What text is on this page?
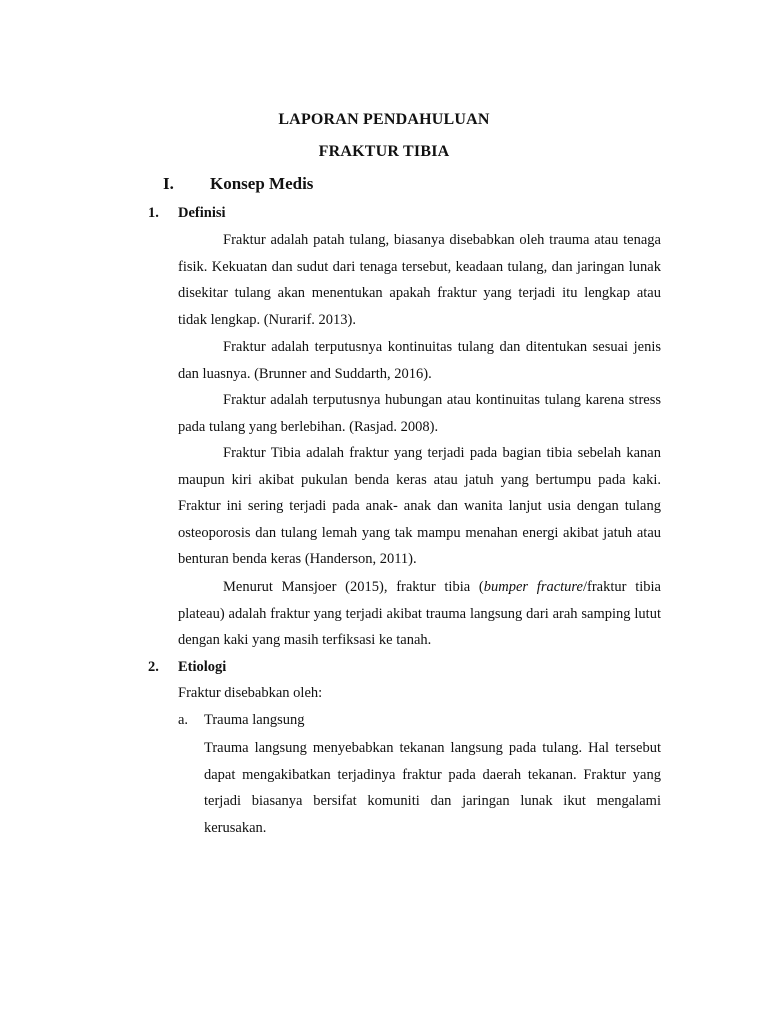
LAPORAN PENDAHULUAN
FRAKTUR TIBIA
I.	Konsep Medis
1. Definisi

Fraktur adalah patah tulang, biasanya disebabkan oleh trauma atau tenaga fisik. Kekuatan dan sudut dari tenaga tersebut, keadaan tulang, dan jaringan lunak disekitar tulang akan menentukan apakah fraktur yang terjadi itu lengkap atau tidak lengkap. (Nurarif. 2013).

Fraktur adalah terputusnya kontinuitas tulang dan ditentukan sesuai jenis dan luasnya. (Brunner and Suddarth, 2016).

Fraktur adalah terputusnya hubungan atau kontinuitas tulang karena stress pada tulang yang berlebihan. (Rasjad. 2008).

Fraktur Tibia adalah fraktur yang terjadi pada bagian tibia sebelah kanan maupun kiri akibat pukulan benda keras atau jatuh yang bertumpu pada kaki. Fraktur ini sering terjadi pada anak- anak dan wanita lanjut usia dengan tulang osteoporosis dan tulang lemah yang tak mampu menahan energi akibat jatuh atau benturan benda keras (Handerson, 2011).

Menurut Mansjoer (2015), fraktur tibia (bumper fracture/fraktur tibia plateau) adalah fraktur yang terjadi akibat trauma langsung dari arah samping lutut dengan kaki yang masih terfiksasi ke tanah.

2. Etiologi
Fraktur disebabkan oleh:
a. Trauma langsung

Trauma langsung menyebabkan tekanan langsung pada tulang. Hal tersebut dapat mengakibatkan terjadinya fraktur pada daerah tekanan. Fraktur yang terjadi biasanya bersifat komuniti dan jaringan lunak ikut mengalami kerusakan.
